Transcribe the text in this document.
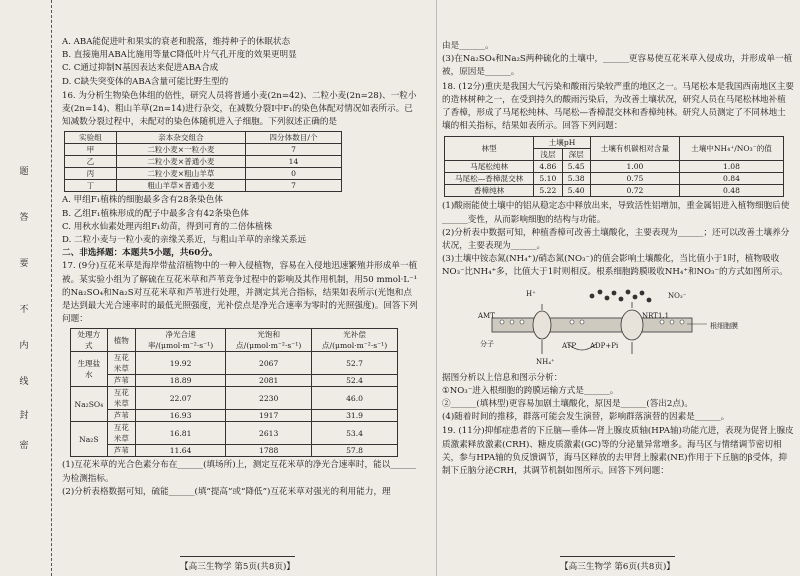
题
答
要
不
内
线
封
密

A. ABA能促进叶和果实的衰老和脱落，维持种子的休眠状态

B. 直接施用ABA比施用等量C降低叶片气孔开度的效果更明显

C. C通过抑制N基因表达来促进ABA合成

D. C缺失突变体的ABA含量可能比野生型的

16. 为分析生物染色体组的倍性，研究人员将普通小麦(2n=42)、二粒小麦(2n=28)、一粒小麦(2n=14)、粗山羊草(2n=14)进行杂交，在减数分裂Ⅰ中F₁的染色体配对情况如表所示。已知减数分裂过程中，未配对的染色体随机进入子细胞。下列叙述正确的是

实验组	亲本杂交组合	四分体数目/个
甲	二粒小麦×一粒小麦	7
乙	二粒小麦×普通小麦	14
丙	二粒小麦×粗山羊草	0
丁	粗山羊草×普通小麦	7

A. 甲组F₁植株的细胞最多含有28条染色体

B. 乙组F₁植株形成的配子中最多含有42条染色体

C. 用秋水仙素处理丙组F₁幼苗，得到可育的二倍体植株

D. 二粒小麦与一粒小麦的亲缘关系近，与粗山羊草的亲缘关系远

二、非选择题：本题共5小题，共60分。

17. (9分)互花米草是海岸带盐沼植物中的一种入侵植物，容易在入侵地迅速繁殖并形成单一植被。某实验小组为了解硫在互花米草和芦苇竞争过程中的影响及其作用机制，用50 mmol·L⁻¹的Na₂SO₄和Na₂S对互花米草和芦苇进行处理，并测定其光合指标，结果如表所示(光饱和点是达到最大光合速率时的最低光照强度，光补偿点是净光合速率为零时的光照强度)。回答下列问题：

处理方式	植物	净光合速率/(μmol·m⁻²·s⁻¹)	光饱和点/(μmol·m⁻²·s⁻¹)	光补偿点/(μmol·m⁻²·s⁻¹)
生理盐水	互花米草	19.92	2067	52.7
	芦苇	18.89	2081	52.4
Na₂SO₄	互花米草	22.07	2230	46.0
	芦苇	16.93	1917	31.9
Na₂S	互花米草	16.81	2613	53.4
	芦苇	11.64	1788	57.8

(1)互花米草的光合色素分布在______(填场所)上，测定互花米草的净光合速率时，能以______为检测指标。

(2)分析表格数据可知，硫能______(填“提高”或“降低”)互花米草对强光的利用能力，理

【高三生物学 第5页(共8页)】

由是______。

(3)在Na₂SO₄和Na₂S两种硫化的土壤中，______更容易使互花米草入侵成功，并形成单一植被，原因是______。

18. (12分)重庆是我国大气污染和酸雨污染较严重的地区之一。马尾松本是我国西南地区主要的造林树种之一，在受到持久的酸雨污染后，为改善土壤状况，研究人员在马尾松林地补植了香樟，形成了马尾松纯林、马尾松—香樟混交林和香樟纯林。研究人员测定了不同林地土壤的相关指标，结果如表所示。回答下列问题：

林型	土壤pH		土壤有机碳相对含量	土壤中NH₄⁺/NO₃⁻的值
	浅层	深层		
马尾松纯林	4.86	5.45	1.00	1.08
马尾松—香樟混交林	5.10	5.38	0.75	0.84
香樟纯林	5.22	5.40	0.72	0.48

(1)酸雨能使土壤中的铝从稳定态中释放出来，导致活性铝增加，重金属铝进入植物细胞后使______变性，从而影响细胞的结构与功能。

(2)分析表中数据可知，种植香樟可改善土壤酸化，主要表现为______；还可以改善土壤养分状况，主要表现为______。

(3)土壤中铵态氮(NH₄⁺)/硝态氮(NO₃⁻)的值会影响土壤酸化，当比值小于1时，植物吸收NO₃⁻比NH₄⁺多，比值大于1时则相反。根系细胞跨膜吸收NH₄⁺和NO₃⁻的方式如图所示。

AMT
H⁺	NO₃⁻
NRT1.1
ATP ADP+Pi
根细胞膜
分子
NH₄⁺

据图分析以上信息和图示分析：

①NO₃⁻进入根细胞的跨膜运输方式是______。

②______(填林型)更容易加剧土壤酸化，原因是______(答出2点)。

(4)随着时间的推移，群落可能会发生演替，影响群落演替的因素是______。

19. (11分)抑郁症患者的下丘脑—垂体—肾上腺皮质轴(HPA轴)功能亢进，表现为促肾上腺皮质激素释放激素(CRH)、糖皮质激素(GC)等的分泌量异常增多。海马区与情绪调节密切相关，参与HPA轴的负反馈调节，海马区释放的去甲肾上腺素(NE)作用于下丘脑的β受体，抑制下丘脑分泌CRH，其调节机制如图所示。回答下列问题：

【高三生物学 第6页(共8页)】
